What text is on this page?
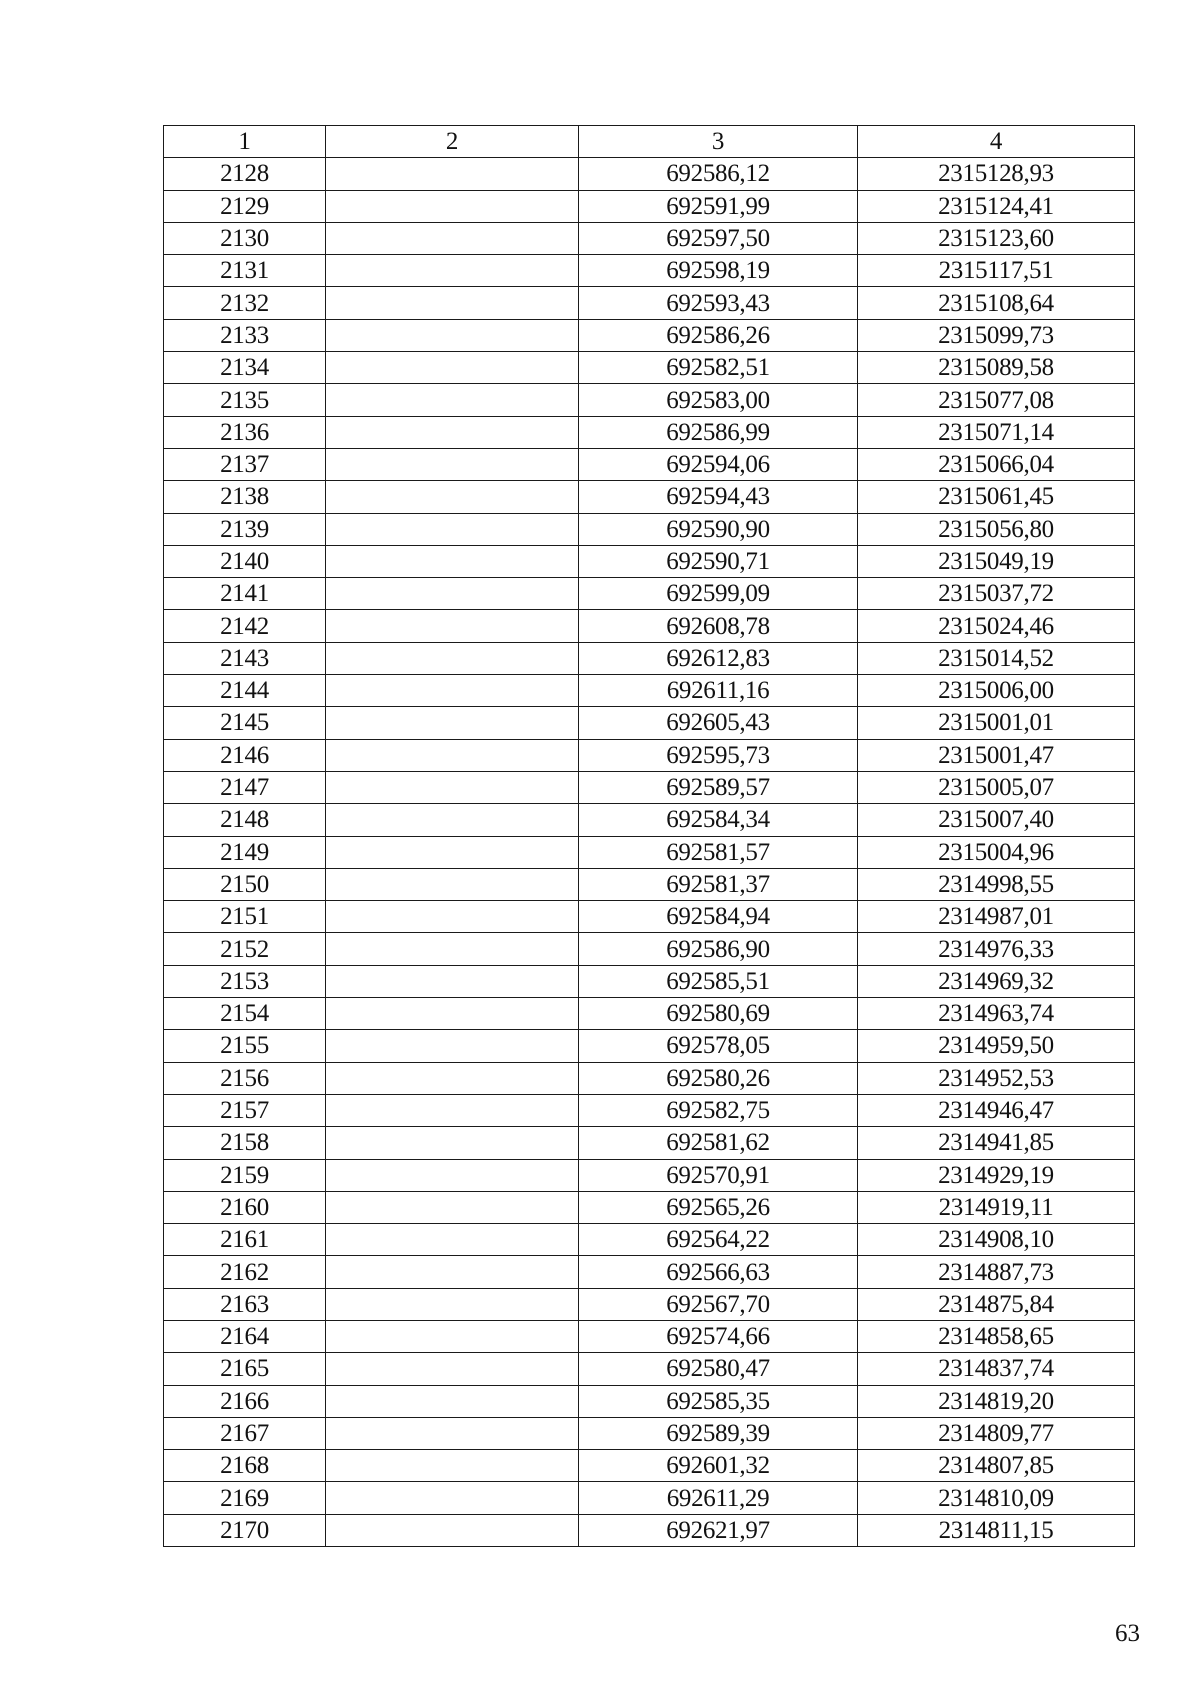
1	2	3	4
2128		692586,12	2315128,93
2129		692591,99	2315124,41
2130		692597,50	2315123,60
2131		692598,19	2315117,51
2132		692593,43	2315108,64
2133		692586,26	2315099,73
2134		692582,51	2315089,58
2135		692583,00	2315077,08
2136		692586,99	2315071,14
2137		692594,06	2315066,04
2138		692594,43	2315061,45
2139		692590,90	2315056,80
2140		692590,71	2315049,19
2141		692599,09	2315037,72
2142		692608,78	2315024,46
2143		692612,83	2315014,52
2144		692611,16	2315006,00
2145		692605,43	2315001,01
2146		692595,73	2315001,47
2147		692589,57	2315005,07
2148		692584,34	2315007,40
2149		692581,57	2315004,96
2150		692581,37	2314998,55
2151		692584,94	2314987,01
2152		692586,90	2314976,33
2153		692585,51	2314969,32
2154		692580,69	2314963,74
2155		692578,05	2314959,50
2156		692580,26	2314952,53
2157		692582,75	2314946,47
2158		692581,62	2314941,85
2159		692570,91	2314929,19
2160		692565,26	2314919,11
2161		692564,22	2314908,10
2162		692566,63	2314887,73
2163		692567,70	2314875,84
2164		692574,66	2314858,65
2165		692580,47	2314837,74
2166		692585,35	2314819,20
2167		692589,39	2314809,77
2168		692601,32	2314807,85
2169		692611,29	2314810,09
2170		692621,97	2314811,15
63
